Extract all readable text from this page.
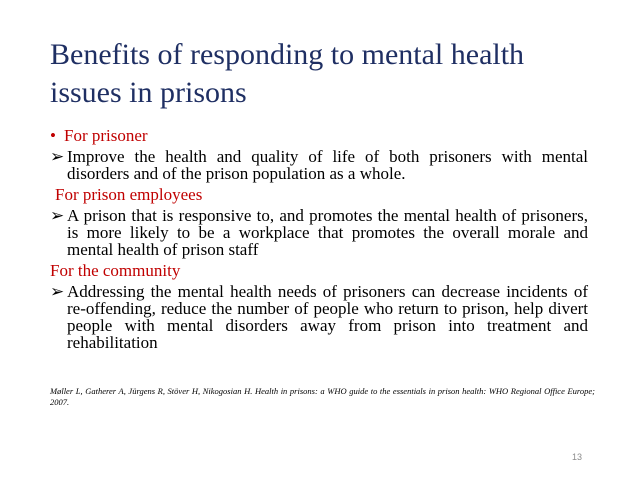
Benefits of responding to mental health issues in prisons
• For prisoner
➢ Improve the health and quality of life of both prisoners with mental disorders and of the prison population as a whole.
For prison employees
➢ A prison that is responsive to, and promotes the mental health of prisoners, is more likely to be a workplace that promotes the overall morale and mental health of prison staff
For the community
➢ Addressing the mental health needs of prisoners can decrease incidents of re-offending, reduce the number of people who return to prison, help divert people with mental disorders away from prison into treatment and rehabilitation
Møller L, Gatherer A, Jürgens R, Stöver H, Nikogosian H. Health in prisons: a WHO guide to the essentials in prison health: WHO Regional Office Europe; 2007.
13
